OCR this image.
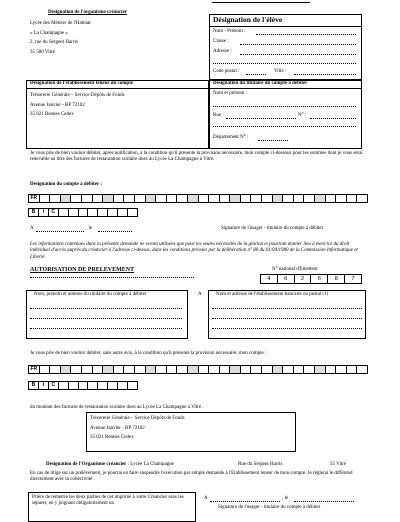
Désignation de l'organisme créancier
Lycée des Métiers de l'Habitat
« La Champagne »
2, rue du Sergent Harris
35 500 Vitré
Désignation de l'élève
Nom - Prénom :
Classe :
Adresse :
Code postal :	Ville :
Désignation de l'établissement teneur du compte
Trésorerie Générale – Service Dépôts de Fonds
Avenue Janvier - BP 72102
35 021 Rennes Cedex
Désignation du titulaire du compte à débiter
Nom et prénom :
Rue :	N° :
Département N° :
Je vous prie de bien vouloir débiter, après notification, à la condition qu'il présente la provision nécessaire, mon compte ci-dessous pour les sommes dont je vous serai redevable au titre des factures de restauration scolaire dues au Lycée La Champagne à Vitré.
Désignation du compte à débiter :
FR
B	I	C
A	, le	Signature de l'usager - titulaire du compte à débiter
Les informations contenues dans la présente demande ne seront utilisées que pour les seules nécessités de la gestion et pourront donner lieu à exercice du droit individuel d'accès auprès du créancier à l'adresse ci-dessus, dans les conditions prévues par la délibération n° 80 du 01/04/1980 de la Commission Informatique et Liberté.
AUTORISATION DE PRELEVEMENT	N° national d'Emetteur
4	6	2	6	8	7
Nom, prénom et adresse du titulaire du compte à débiter	A	Nom et adresse de l'établissement bancaire ou postal (1)
Je vous prie de bien vouloir débiter, sans autre avis, à la condition qu'il présente la provision nécessaire, mon compte :
FR
B	I	C
du montant des factures de restauration scolaire dues au Lycée La Champagne à Vitré .
Trésorerie Générale – Service Dépôts de Fonds
Avenue Janvier - BP 72102
35 021 Rennes Cedex
Désignation de l'Organisme créancier : Lycée La Champagne	Rue du Sergent Harris	35 Vitré
En cas de litige sur un prélèvement, je pourrai en faire suspendre l'exécution par simple demande à l'Etablissement teneur de mon compte. Je réglerai le différend directement avec la collectivité .
Prière de remettre les deux parties de cet imprimé à votre Créancier sans les séparer, en y joignant obligatoirement un
A	, le
Signature de l'usager - titulaire du compte à débiter
